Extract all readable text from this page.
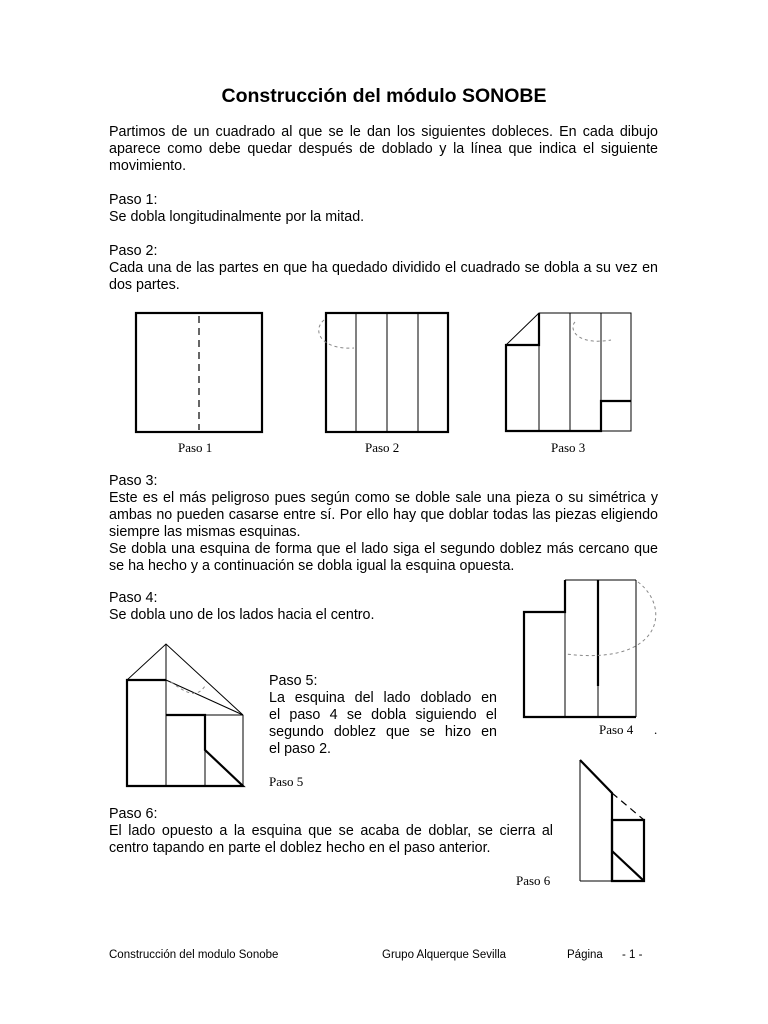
Construcción del módulo SONOBE
Partimos de un cuadrado al que se le dan los siguientes dobleces. En cada dibujo aparece como debe quedar después de doblado y la línea que indica el siguiente movimiento.
Paso 1:
Se dobla longitudinalmente por la mitad.
Paso 2:
Cada una de las partes en que ha quedado dividido el cuadrado se dobla a su vez en dos partes.
Paso 1	Paso 2	Paso 3
Paso 3:
Este es el más peligroso pues según como se doble sale una pieza o su simétrica y ambas no pueden casarse entre sí. Por ello hay que doblar todas las piezas eligiendo siempre las mismas esquinas.
Se dobla una esquina de forma que el lado siga el segundo doblez más cercano que se ha hecho y a continuación se dobla igual la esquina opuesta.
Paso 4:
Se dobla uno de los lados hacia el centro.
Paso 4 .
Paso 5:
La esquina del lado doblado en
el paso 4 se dobla siguiendo el
segundo doblez que se hizo en
el paso 2.
Paso 5
Paso 6:
El lado opuesto a la esquina que se acaba de doblar, se cierra al centro tapando en parte el doblez hecho en el paso anterior.
Paso 6
Construcción del modulo Sonobe	Grupo Alquerque Sevilla	Página - 1 -
